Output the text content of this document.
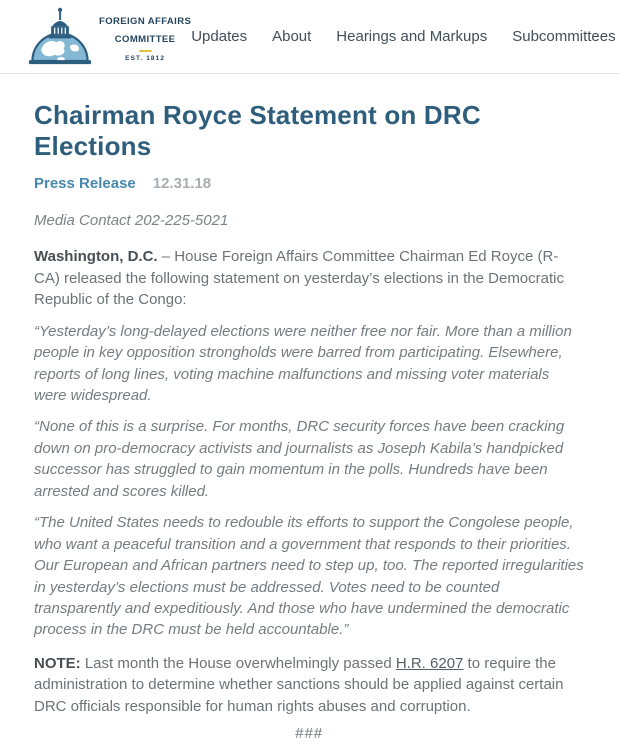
FOREIGN AFFAIRS
COMMITTEE
EST. 1812
Updates About Hearings and Markups Subcommittees
Chairman Royce Statement on DRC Elections
Press Release 12.31.18

Media Contact 202-225-5021

Washington, D.C. – House Foreign Affairs Committee Chairman Ed Royce (R-CA) released the following statement on yesterday’s elections in the Democratic Republic of the Congo:

“Yesterday’s long-delayed elections were neither free nor fair. More than a million people in key opposition strongholds were barred from participating. Elsewhere, reports of long lines, voting machine malfunctions and missing voter materials were widespread.

“None of this is a surprise. For months, DRC security forces have been cracking down on pro-democracy activists and journalists as Joseph Kabila’s handpicked successor has struggled to gain momentum in the polls. Hundreds have been arrested and scores killed.

“The United States needs to redouble its efforts to support the Congolese people, who want a peaceful transition and a government that responds to their priorities. Our European and African partners need to step up, too. The reported irregularities in yesterday’s elections must be addressed. Votes need to be counted transparently and expeditiously. And those who have undermined the democratic process in the DRC must be held accountable.”

NOTE: Last month the House overwhelmingly passed H.R. 6207 to require the administration to determine whether sanctions should be applied against certain DRC officials responsible for human rights abuses and corruption.

###
